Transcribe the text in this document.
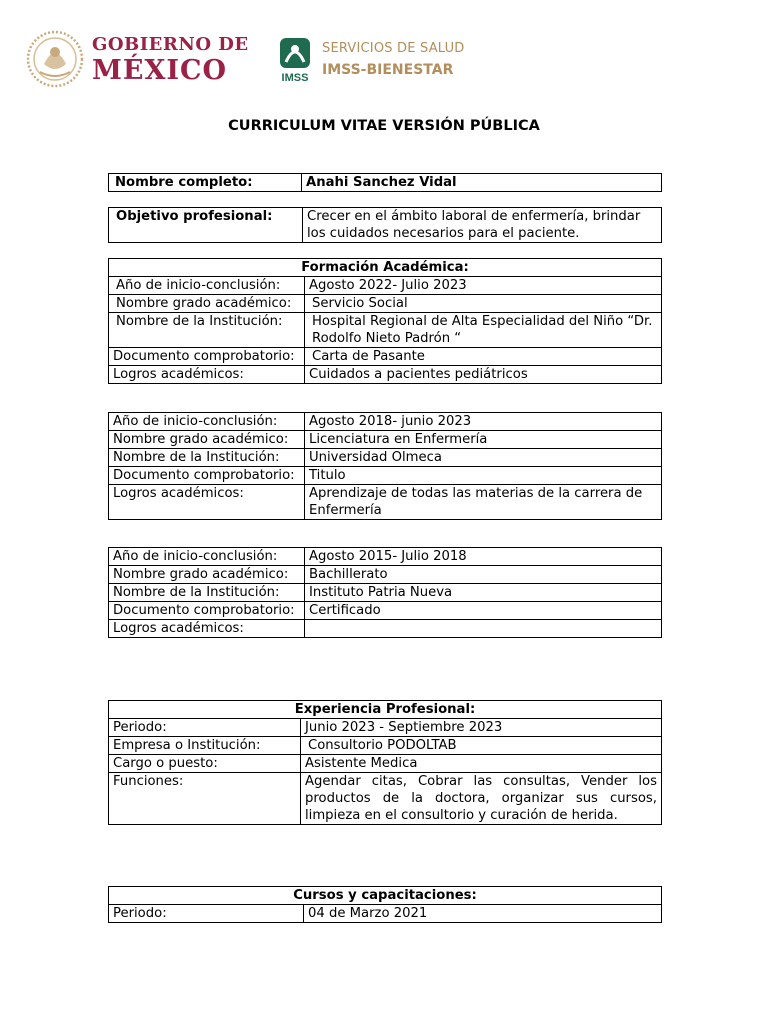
GOBIERNO DE
MÉXICO	IMSS
SERVICIOS DE SALUD
IMSS-BIENESTAR
CURRICULUM VITAE VERSIÓN PÚBLICA
Nombre completo:	Anahi Sanchez Vidal
Objetivo profesional:	Crecer en el ámbito laboral de enfermería, brindar los cuidados necesarios para el paciente.
Formación Académica:	
Año de inicio-conclusión:	Agosto 2022- Julio 2023
Nombre grado académico:	Servicio Social
Nombre de la Institución:	Hospital Regional de Alta Especialidad del Niño “Dr. Rodolfo Nieto Padrón “
Documento comprobatorio:	Carta de Pasante
Logros académicos:	Cuidados a pacientes pediátricos
Año de inicio-conclusión:	Agosto 2018- junio 2023
Nombre grado académico:	Licenciatura en Enfermería
Nombre de la Institución:	Universidad Olmeca
Documento comprobatorio:	Titulo
Logros académicos:	Aprendizaje de todas las materias de la carrera de Enfermería
Año de inicio-conclusión:	Agosto 2015- Julio 2018
Nombre grado académico:	Bachillerato
Nombre de la Institución:	Instituto Patria Nueva
Documento comprobatorio:	Certificado
Logros académicos:	
Experiencia Profesional:	
Periodo:	Junio 2023 - Septiembre 2023
Empresa o Institución:	Consultorio PODOLTAB
Cargo o puesto:	Asistente Medica
Funciones:	Agendar citas, Cobrar las consultas, Vender los productos de la doctora, organizar sus cursos, limpieza en el consultorio y curación de herida.
Cursos y capacitaciones:
Periodo:	04 de Marzo 2021
